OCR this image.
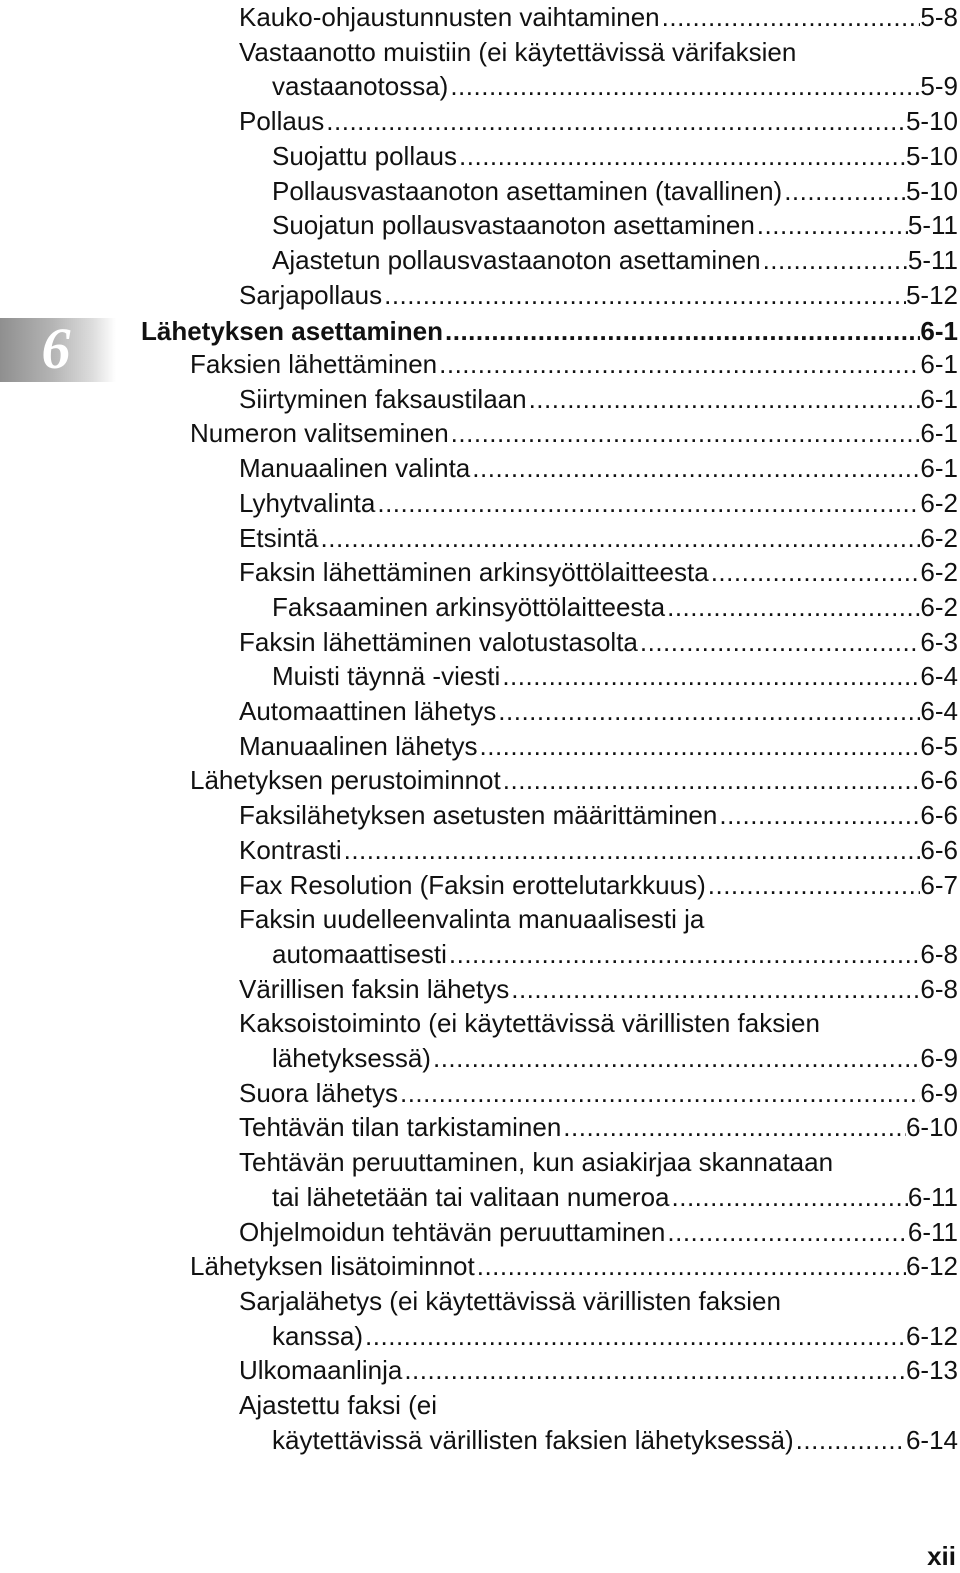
6
Kauko-ohjaustunnusten vaihtaminen .....	5-8
Vastaanotto muistiin (ei käytettävissä värifaksien
vastaanotossa) .....	5-9
Pollaus .....	5-10
Suojattu pollaus .....	5-10
Pollausvastaanoton asettaminen (tavallinen) .....	5-10
Suojatun pollausvastaanoton asettaminen .....	5-11
Ajastetun pollausvastaanoton asettaminen .....	5-11
Sarjapollaus .....	5-12
Lähetyksen asettaminen .....	6-1
Faksien lähettäminen .....	6-1
Siirtyminen faksaustilaan .....	6-1
Numeron valitseminen .....	6-1
Manuaalinen valinta .....	6-1
Lyhytvalinta .....	6-2
Etsintä .....	6-2
Faksin lähettäminen arkinsyöttölaitteesta .....	6-2
Faksaaminen arkinsyöttölaitteesta .....	6-2
Faksin lähettäminen valotustasolta .....	6-3
Muisti täynnä -viesti .....	6-4
Automaattinen lähetys .....	6-4
Manuaalinen lähetys .....	6-5
Lähetyksen perustoiminnot .....	6-6
Faksilähetyksen asetusten määrittäminen .....	6-6
Kontrasti .....	6-6
Fax Resolution (Faksin erottelutarkkuus) .....	6-7
Faksin uudelleenvalinta manuaalisesti ja
automaattisesti .....	6-8
Värillisen faksin lähetys .....	6-8
Kaksoistoiminto (ei käytettävissä värillisten faksien
lähetyksessä) .....	6-9
Suora lähetys .....	6-9
Tehtävän tilan tarkistaminen .....	6-10
Tehtävän peruuttaminen, kun asiakirjaa skannataan
tai lähetetään tai valitaan numeroa .....	6-11
Ohjelmoidun tehtävän peruuttaminen .....	6-11
Lähetyksen lisätoiminnot .....	6-12
Sarjalähetys (ei käytettävissä värillisten faksien
kanssa) .....	6-12
Ulkomaanlinja .....	6-13
Ajastettu faksi (ei
käytettävissä värillisten faksien lähetyksessä) .....	6-14
xii
